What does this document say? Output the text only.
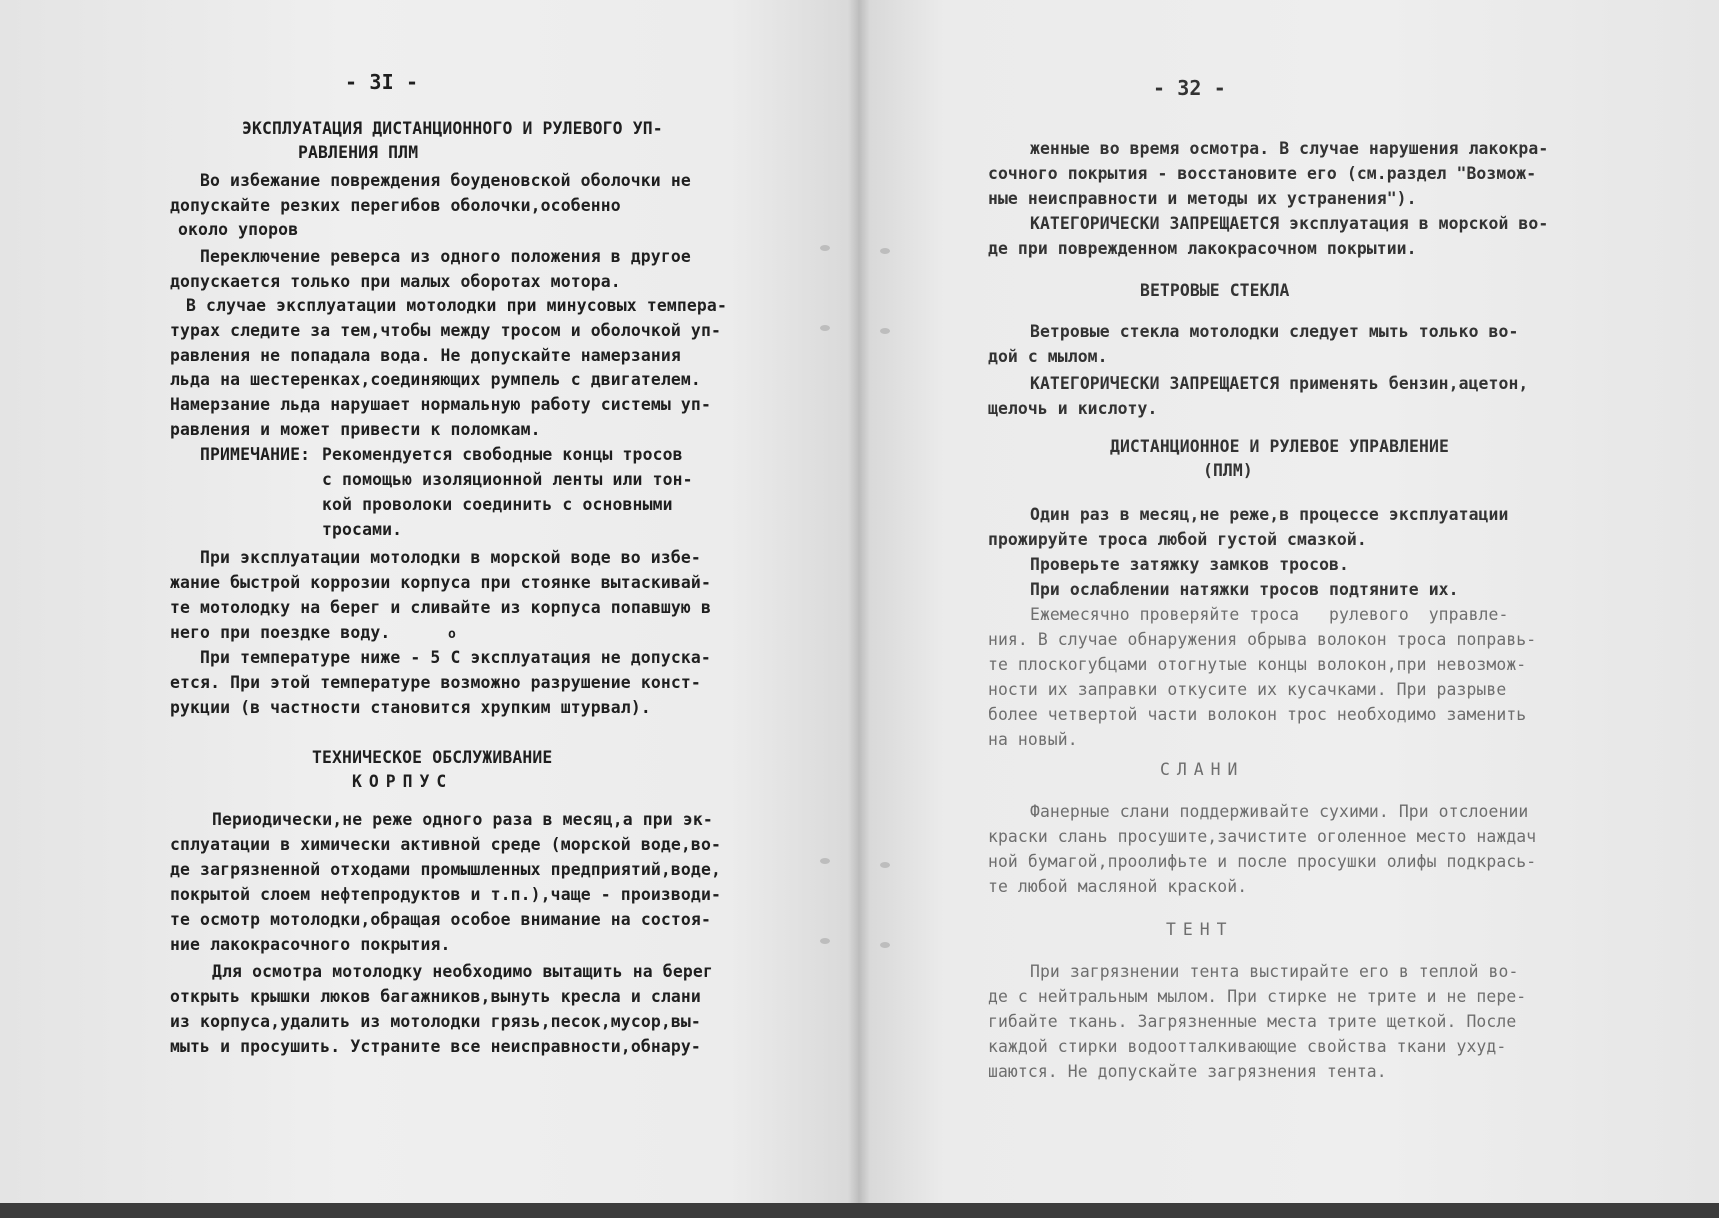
- 3I -
ЭКСПЛУАТАЦИЯ ДИСТАНЦИОННОГО И РУЛЕВОГО УП-
РАВЛЕНИЯ ПЛМ
Во избежание повреждения боуденовской оболочки не
допускайте резких перегибов оболочки,особенно
около упоров
Переключение реверса из одного положения в другое
допускается только при малых оборотах мотора.
В случае эксплуатации мотолодки при минусовых темпера-
турах следите за тем,чтобы между тросом и оболочкой уп-
равления не попадала вода. Не допускайте намерзания
льда на шестеренках,соединяющих румпель с двигателем.
Намерзание льда нарушает нормальную работу системы уп-
равления и может привести к поломкам.
ПРИМЕЧАНИЕ: Рекомендуется свободные концы тросов
с помощью изоляционной ленты или тон-
кой проволоки соединить с основными
тросами.
При эксплуатации мотолодки в морской воде во избе-
жание быстрой коррозии корпуса при стоянке вытаскивай-
те мотолодку на берег и сливайте из корпуса попавшую в
него при поездке воду.	o
При температуре ниже - 5 С эксплуатация не допуска-
ется. При этой температуре возможно разрушение конст-
рукции (в частности становится хрупким штурвал).
ТЕХНИЧЕСКОЕ ОБСЛУЖИВАНИЕ
КОРПУС
Периодически,не реже одного раза в месяц,а при эк-
сплуатации в химически активной среде (морской воде,во-
де загрязненной отходами промышленных предприятий,воде,
покрытой слоем нефтепродуктов и т.п.),чаще - производи-
те осмотр мотолодки,обращая особое внимание на состоя-
ние лакокрасочного покрытия.
Для осмотра мотолодку необходимо вытащить на берег
открыть крышки люков багажников,вынуть кресла и слани
из корпуса,удалить из мотолодки грязь,песок,мусор,вы-
мыть и просушить. Устраните все неисправности,обнару-
- 32 -
женные во время осмотра. В случае нарушения лакокра-
сочного покрытия - восстановите его (см.раздел "Возмож-
ные неисправности и методы их устранения").
КАТЕГОРИЧЕСКИ ЗАПРЕЩАЕТСЯ эксплуатация в морской во-
де при поврежденном лакокрасочном покрытии.
ВЕТРОВЫЕ СТЕКЛА
Ветровые стекла мотолодки следует мыть только во-
дой с мылом.
КАТЕГОРИЧЕСКИ ЗАПРЕЩАЕТСЯ применять бензин,ацетон,
щелочь и кислоту.
ДИСТАНЦИОННОЕ И РУЛЕВОЕ УПРАВЛЕНИЕ
(ПЛМ)
Один раз в месяц,не реже,в процессе эксплуатации
прожируйте троса любой густой смазкой.
Проверьте затяжку замков тросов.
При ослаблении натяжки тросов подтяните их.
Ежемесячно проверяйте троса   рулевого  управле-
ния. В случае обнаружения обрыва волокон троса поправь-
те плоскогубцами отогнутые концы волокон,при невозмож-
ности их заправки откусите их кусачками. При разрыве
более четвертой части волокон трос необходимо заменить
на новый.
СЛАНИ
Фанерные слани поддерживайте сухими. При отслоении
краски слань просушите,зачистите оголенное место наждач
ной бумагой,проолифьте и после просушки олифы подкрась-
те любой масляной краской.
ТЕНТ
При загрязнении тента выстирайте его в теплой во-
де с нейтральным мылом. При стирке не трите и не пере-
гибайте ткань. Загрязненные места трите щеткой. После
каждой стирки водоотталкивающие свойства ткани ухуд-
шаются. Не допускайте загрязнения тента.
